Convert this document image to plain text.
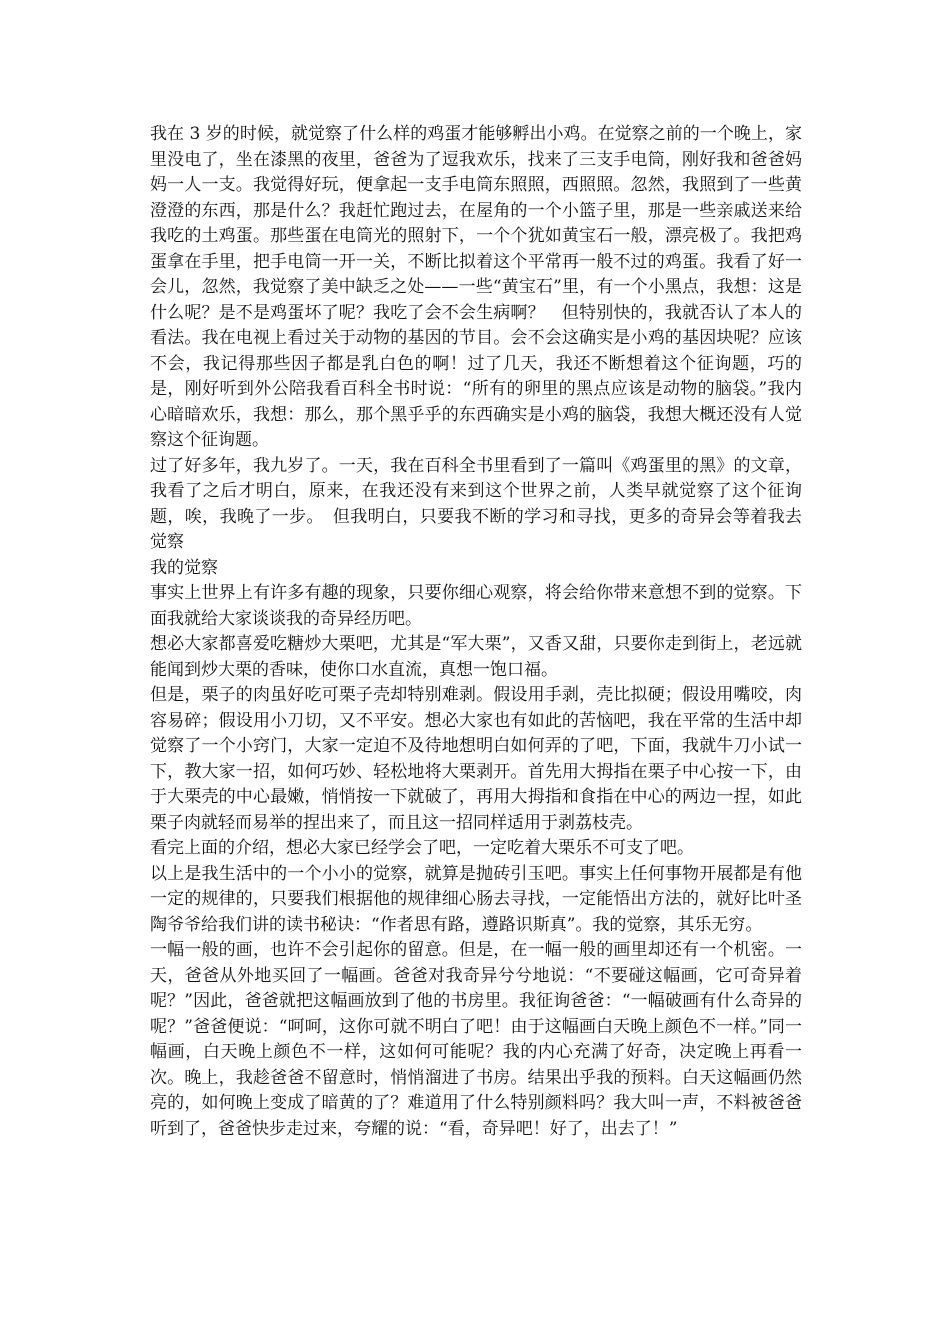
我在 3 岁的时候，就觉察了什么样的鸡蛋才能够孵出小鸡。在觉察之前的一个晚上，家里没电了，坐在漆黑的夜里，爸爸为了逗我欢乐，找来了三支手电筒，刚好我和爸爸妈妈一人一支。我觉得好玩，便拿起一支手电筒东照照，西照照。忽然，我照到了一些黄澄澄的东西，那是什么？我赶忙跑过去，在屋角的一个小篮子里，那是一些亲戚送来给我吃的土鸡蛋。那些蛋在电筒光的照射下，一个个犹如黄宝石一般，漂亮极了。我把鸡蛋拿在手里，把手电筒一开一关，不断比拟着这个平常再一般不过的鸡蛋。我看了好一会儿，忽然，我觉察了美中缺乏之处——一些“黄宝石”里，有一个小黑点，我想：这是什么呢？是不是鸡蛋坏了呢？我吃了会不会生病啊？　但特别快的，我就否认了本人的看法。我在电视上看过关于动物的基因的节目。会不会这确实是小鸡的基因块呢？应该不会，我记得那些因子都是乳白色的啊！过了几天，我还不断想着这个征询题，巧的是，刚好听到外公陪我看百科全书时说：“所有的卵里的黑点应该是动物的脑袋。”我内心暗暗欢乐，我想：那么，那个黑乎乎的东西确实是小鸡的脑袋，我想大概还没有人觉察这个征询题。

过了好多年，我九岁了。一天，我在百科全书里看到了一篇叫《鸡蛋里的黑》的文章，我看了之后才明白，原来，在我还没有来到这个世界之前，人类早就觉察了这个征询题，唉，我晚了一步。　但我明白，只要我不断的学习和寻找，更多的奇异会等着我去觉察

我的觉察

事实上世界上有许多有趣的现象，只要你细心观察，将会给你带来意想不到的觉察。下面我就给大家谈谈我的奇异经历吧。

想必大家都喜爱吃糖炒大栗吧，尤其是“军大栗”，又香又甜，只要你走到街上，老远就能闻到炒大栗的香味，使你口水直流，真想一饱口福。

但是，栗子的肉虽好吃可栗子壳却特别难剥。假设用手剥，壳比拟硬；假设用嘴咬，肉容易碎；假设用小刀切，又不平安。想必大家也有如此的苦恼吧，我在平常的生活中却觉察了一个小窍门，大家一定迫不及待地想明白如何弄的了吧，下面，我就牛刀小试一下，教大家一招，如何巧妙、轻松地将大栗剥开。首先用大拇指在栗子中心按一下，由于大栗壳的中心最嫩，悄悄按一下就破了，再用大拇指和食指在中心的两边一捏，如此栗子肉就轻而易举的捏出来了，而且这一招同样适用于剥荔枝壳。

看完上面的介绍，想必大家已经学会了吧，一定吃着大栗乐不可支了吧。

以上是我生活中的一个小小的觉察，就算是抛砖引玉吧。事实上任何事物开展都是有他一定的规律的，只要我们根据他的规律细心肠去寻找，一定能悟出方法的，就好比叶圣陶爷爷给我们讲的读书秘诀：“作者思有路，遵路识斯真”。我的觉察，其乐无穷。

一幅一般的画，也许不会引起你的留意。但是，在一幅一般的画里却还有一个机密。一天，爸爸从外地买回了一幅画。爸爸对我奇异兮兮地说：“不要碰这幅画，它可奇异着呢？”因此，爸爸就把这幅画放到了他的书房里。我征询爸爸：“一幅破画有什么奇异的呢？”爸爸便说：“呵呵，这你可就不明白了吧！由于这幅画白天晚上颜色不一样。”同一幅画，白天晚上颜色不一样，这如何可能呢？我的内心充满了好奇，决定晚上再看一次。晚上，我趁爸爸不留意时，悄悄溜进了书房。结果出乎我的预料。白天这幅画仍然亮的，如何晚上变成了暗黄的了？难道用了什么特别颜料吗？我大叫一声，不料被爸爸听到了，爸爸快步走过来，夸耀的说：“看，奇异吧！好了，出去了！”
